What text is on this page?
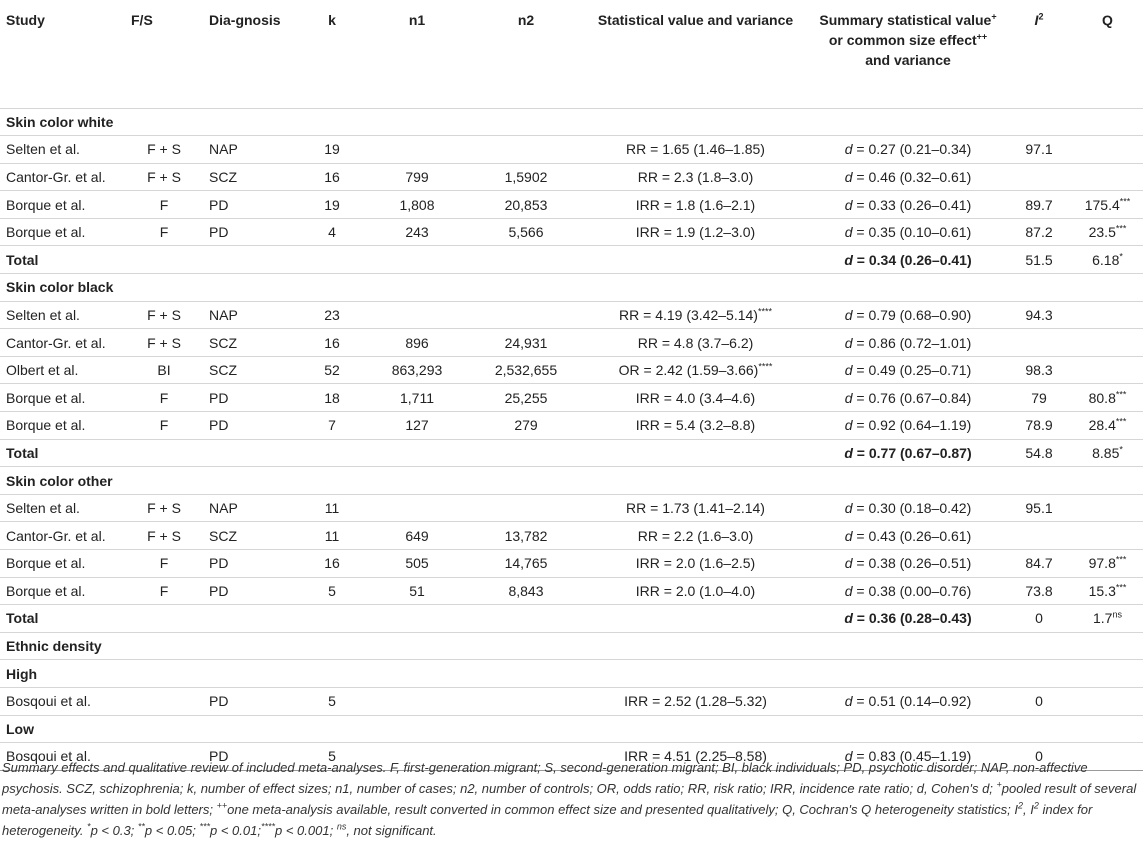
Study	F/S	Dia-gnosis	k	n1	n2	Statistical value and variance	Summary statistical value+ or common size effect++ and variance	$I^2$	Q
Skin color white									
Selten et al.	F + S	NAP	19			RR = 1.65 (1.46–1.85)	d = 0.27 (0.21–0.34)	97.1	
Cantor-Gr. et al.	F + S	SCZ	16	799	1,5902	RR = 2.3 (1.8–3.0)	d = 0.46 (0.32–0.61)		
Borque et al.	F	PD	19	1,808	20,853	IRR = 1.8 (1.6–2.1)	d = 0.33 (0.26–0.41)	89.7	175.4***
Borque et al.	F	PD	4	243	5,566	IRR = 1.9 (1.2–3.0)	d = 0.35 (0.10–0.61)	87.2	23.5***
Total							d = 0.34 (0.26–0.41)	51.5	6.18*
Skin color black									
Selten et al.	F + S	NAP	23			RR = 4.19 (3.42–5.14)****	d = 0.79 (0.68–0.90)	94.3	
Cantor-Gr. et al.	F + S	SCZ	16	896	24,931	RR = 4.8 (3.7–6.2)	d = 0.86 (0.72–1.01)		
Olbert et al.	BI	SCZ	52	863,293	2,532,655	OR = 2.42 (1.59–3.66)****	d = 0.49 (0.25–0.71)	98.3	
Borque et al.	F	PD	18	1,711	25,255	IRR = 4.0 (3.4–4.6)	d = 0.76 (0.67–0.84)	79	80.8***
Borque et al.	F	PD	7	127	279	IRR = 5.4 (3.2–8.8)	d = 0.92 (0.64–1.19)	78.9	28.4***
Total							d = 0.77 (0.67–0.87)	54.8	8.85*
Skin color other									
Selten et al.	F + S	NAP	11			RR = 1.73 (1.41–2.14)	d = 0.30 (0.18–0.42)	95.1	
Cantor-Gr. et al.	F + S	SCZ	11	649	13,782	RR = 2.2 (1.6–3.0)	d = 0.43 (0.26–0.61)		
Borque et al.	F	PD	16	505	14,765	IRR = 2.0 (1.6–2.5)	d = 0.38 (0.26–0.51)	84.7	97.8***
Borque et al.	F	PD	5	51	8,843	IRR = 2.0 (1.0–4.0)	d = 0.38 (0.00–0.76)	73.8	15.3***
Total							d = 0.36 (0.28–0.43)	0	$1.7^{ns}$
Ethnic density									
High									
Bosqoui et al.		PD	5			IRR = 2.52 (1.28–5.32)	d = 0.51 (0.14–0.92)	0	
Low									
Bosqoui et al.		PD	5			IRR = 4.51 (2.25–8.58)	d = 0.83 (0.45–1.19)	0	
Summary effects and qualitative review of included meta-analyses. F, first-generation migrant; S, second-generation migrant; BI, black individuals; PD, psychotic disorder; NAP, non-affective psychosis. SCZ, schizophrenia; k, number of effect sizes; n1, number of cases; n2, number of controls; OR, odds ratio; RR, risk ratio; IRR, incidence rate ratio; d, Cohen's d; +pooled result of several meta-analyses written in bold letters; ++one meta-analysis available, result converted in common effect size and presented qualitatively; Q, Cochran's Q heterogeneity statistics; $I^2$, $I^2$ index for heterogeneity. *p < 0.3; **p < 0.05; ***p < 0.01;****p < 0.001; $^{ns}$, not significant.
